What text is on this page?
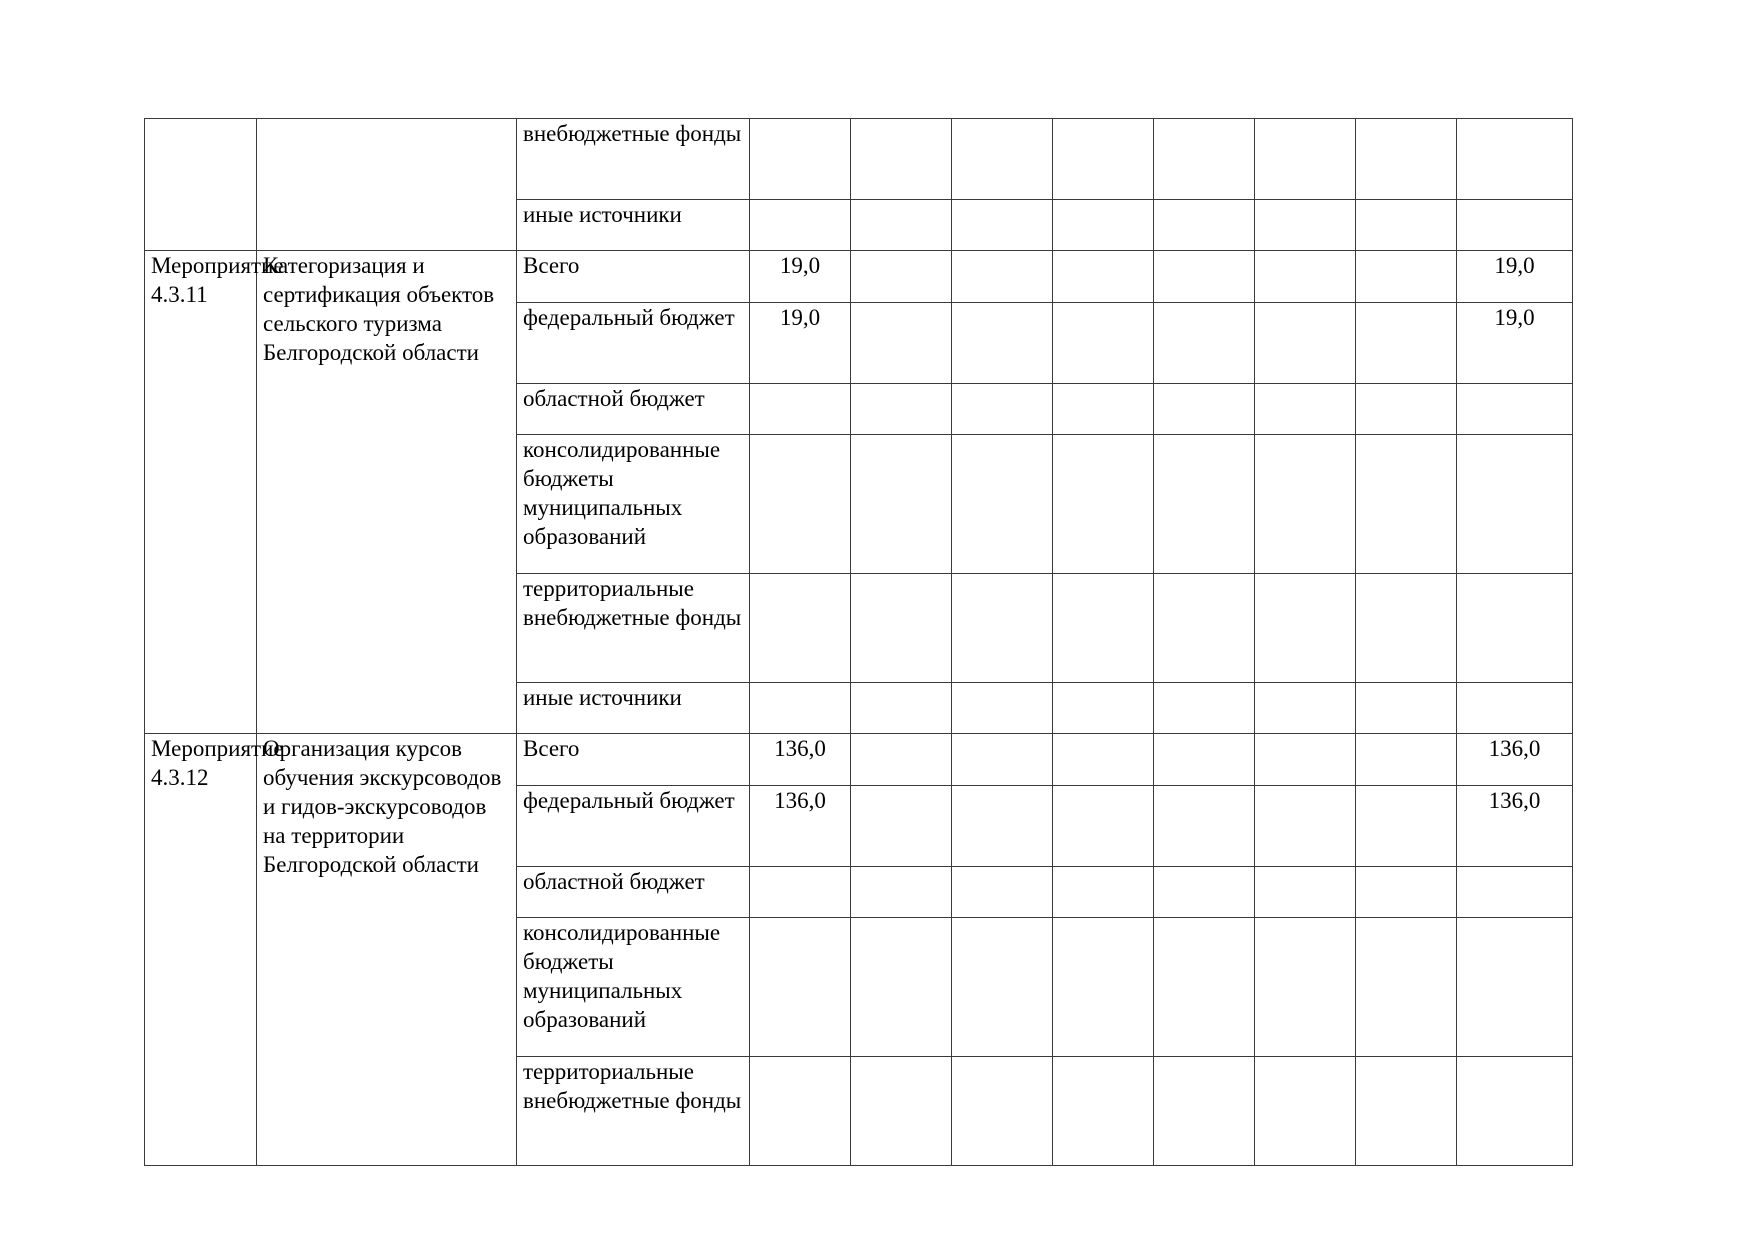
		внебюджетные фонды								
		иные источники								
Мероприятие 4.3.11	Категоризация и сертификация объектов сельского туризма Белгородской области	Всего	19,0							19,0
		федеральный бюджет	19,0							19,0
		областной бюджет								
		консолидированные бюджеты муниципальных образований								
		территориальные внебюджетные фонды								
		иные источники								
Мероприятие 4.3.12	Организация курсов обучения экскурсоводов и гидов-экскурсоводов на территории Белгородской области	Всего	136,0							136,0
		федеральный бюджет	136,0							136,0
		областной бюджет								
		консолидированные бюджеты муниципальных образований								
		территориальные внебюджетные фонды								
